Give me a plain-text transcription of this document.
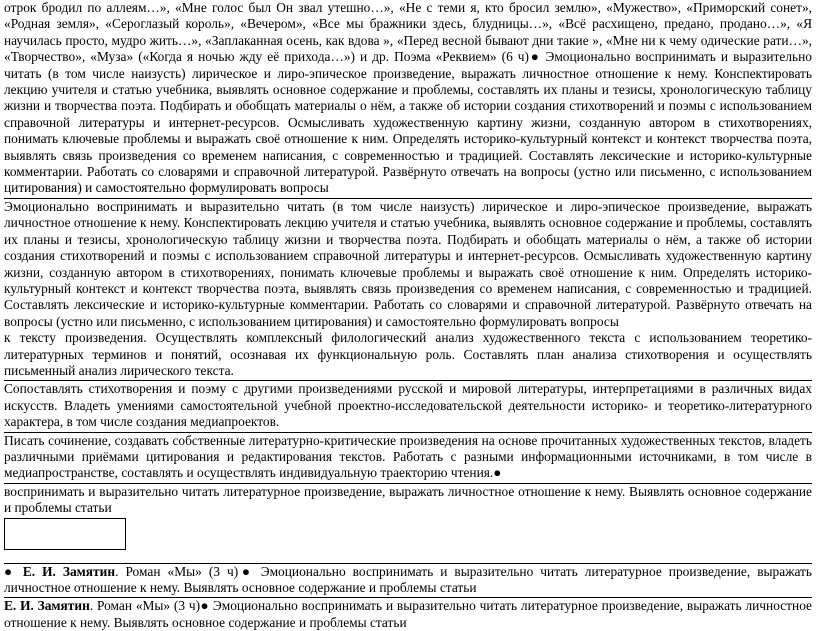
отрок бродил по аллеям…», «Мне голос был Он звал утешно…», «Не с теми я, кто бросил землю», «Мужество», «Приморский сонет», «Родная земля», «Сероглазый король», «Вечером», «Все мы бражники здесь, блудницы…», «Всё расхищено, предано, продано…», «Я научилась просто, мудро жить…», «Заплаканная осень, как вдова », «Перед весной бывают дни такие », «Мне ни к чему одические рати…», «Творчество», «Муза» («Когда я ночью жду её прихода…») и др. Поэма «Реквием» (6 ч)● Эмоционально воспринимать и выразительно читать (в том числе наизусть) лирическое и лиро-эпическое произведение, выражать личностное отношение к нему. Конспектировать лекцию учителя и статью учебника, выявлять основное содержание и проблемы, составлять их планы и тезисы, хронологическую таблицу жизни и творчества поэта. Подбирать и обобщать материалы о нём, а также об истории создания стихотворений и поэмы с использованием справочной литературы и интернет-ресурсов. Осмысливать художественную картину жизни, созданную автором в стихотворениях, понимать ключевые проблемы и выражать своё отношение к ним. Определять историко-культурный контекст и контекст творчества поэта, выявлять связь произведения со временем написания, с современностью и традицией. Составлять лексические и историко-культурные комментарии. Работать со словарями и справочной литературой. Развёрнуто отвечать на вопросы (устно или письменно, с использованием цитирования) и самостоятельно формулировать вопросы

Эмоционально воспринимать и выразительно читать (в том числе наизусть) лирическое и лиро-эпическое произведение, выражать личностное отношение к нему. Конспектировать лекцию учителя и статью учебника, выявлять основное содержание и проблемы, составлять их планы и тезисы, хронологическую таблицу жизни и творчества поэта. Подбирать и обобщать материалы о нём, а также об истории создания стихотворений и поэмы с использованием справочной литературы и интернет-ресурсов. Осмысливать художественную картину жизни, созданную автором в стихотворениях, понимать ключевые проблемы и выражать своё отношение к ним. Определять историко-культурный контекст и контекст творчества поэта, выявлять связь произведения со временем написания, с современностью и традицией. Составлять лексические и историко-культурные комментарии. Работать со словарями и справочной литературой. Развёрнуто отвечать на вопросы (устно или письменно, с использованием цитирования) и самостоятельно формулировать вопросы

к тексту произведения. Осуществлять комплексный филологический анализ художественного текста с использованием теоретико-литературных терминов и понятий, осознавая их функциональную роль. Составлять план анализа стихотворения и осуществлять письменный анализ лирического текста.

Сопоставлять стихотворения и поэму с другими произведениями русской и мировой литературы, интерпретациями в различных видах искусств. Владеть умениями самостоятельной учебной проектно-исследовательской деятельности историко- и теоретико-литературного характера, в том числе создания медиапроектов.

Писать сочинение, создавать собственные литературно-критические произведения на основе прочитанных художественных текстов, владеть различными приёмами цитирования и редактирования текстов. Работать с разными информационными источниками, в том числе в медиапространстве, составлять и осуществлять индивидуальную траекторию чтения.●

воспринимать и выразительно читать литературное произведение, выражать личностное отношение к нему. Выявлять основное содержание и проблемы статьи

● Е. И. Замятин. Роман «Мы» (3 ч)● Эмоционально воспринимать и выразительно читать литературное произведение, выражать личностное отношение к нему. Выявлять основное содержание и проблемы статьи

Е. И. Замятин. Роман «Мы» (3 ч)● Эмоционально воспринимать и выразительно читать литературное произведение, выражать личностное отношение к нему. Выявлять основное содержание и проблемы статьи
